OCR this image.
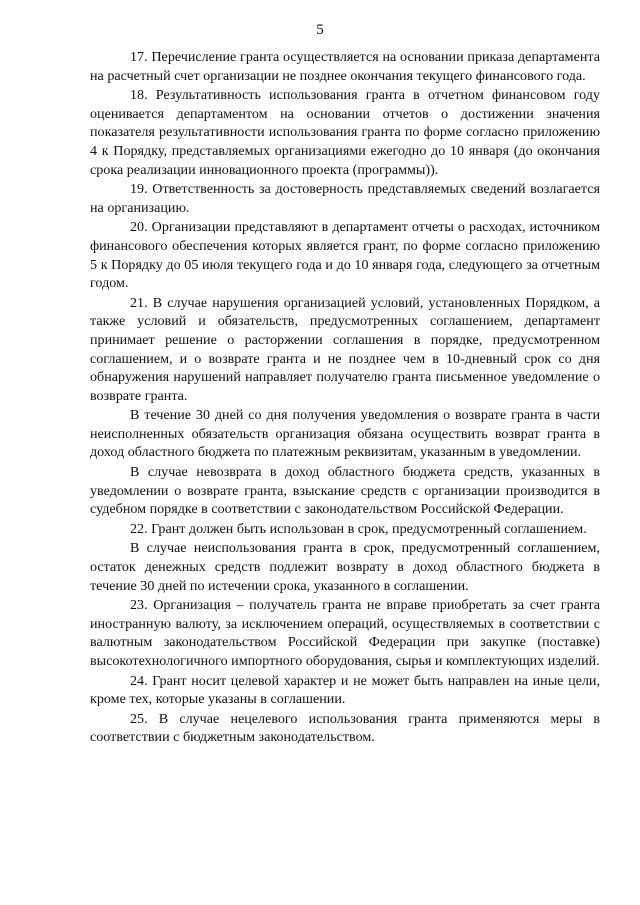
5

17. Перечисление гранта осуществляется на основании приказа департамента на расчетный счет организации не позднее окончания текущего финансового года.

18. Результативность использования гранта в отчетном финансовом году оценивается департаментом на основании отчетов о достижении значения показателя результативности использования гранта по форме согласно приложению 4 к Порядку, представляемых организациями ежегодно до 10 января (до окончания срока реализации инновационного проекта (программы)).

19. Ответственность за достоверность представляемых сведений возлагается на организацию.

20. Организации представляют в департамент отчеты о расходах, источником финансового обеспечения которых является грант, по форме согласно приложению 5 к Порядку до 05 июля текущего года и до 10 января года, следующего за отчетным годом.

21. В случае нарушения организацией условий, установленных Порядком, а также условий и обязательств, предусмотренных соглашением, департамент принимает решение о расторжении соглашения в порядке, предусмотренном соглашением, и о возврате гранта и не позднее чем в 10-дневный срок со дня обнаружения нарушений направляет получателю гранта письменное уведомление о возврате гранта.

В течение 30 дней со дня получения уведомления о возврате гранта в части неисполненных обязательств организация обязана осуществить возврат гранта в доход областного бюджета по платежным реквизитам, указанным в уведомлении.

В случае невозврата в доход областного бюджета средств, указанных в уведомлении о возврате гранта, взыскание средств с организации производится в судебном порядке в соответствии с законодательством Российской Федерации.

22. Грант должен быть использован в срок, предусмотренный соглашением.

В случае неиспользования гранта в срок, предусмотренный соглашением, остаток денежных средств подлежит возврату в доход областного бюджета в течение 30 дней по истечении срока, указанного в соглашении.

23. Организация – получатель гранта не вправе приобретать за счет гранта иностранную валюту, за исключением операций, осуществляемых в соответствии с валютным законодательством Российской Федерации при закупке (поставке) высокотехнологичного импортного оборудования, сырья и комплектующих изделий.

24. Грант носит целевой характер и не может быть направлен на иные цели, кроме тех, которые указаны в соглашении.

25. В случае нецелевого использования гранта применяются меры в соответствии с бюджетным законодательством.
